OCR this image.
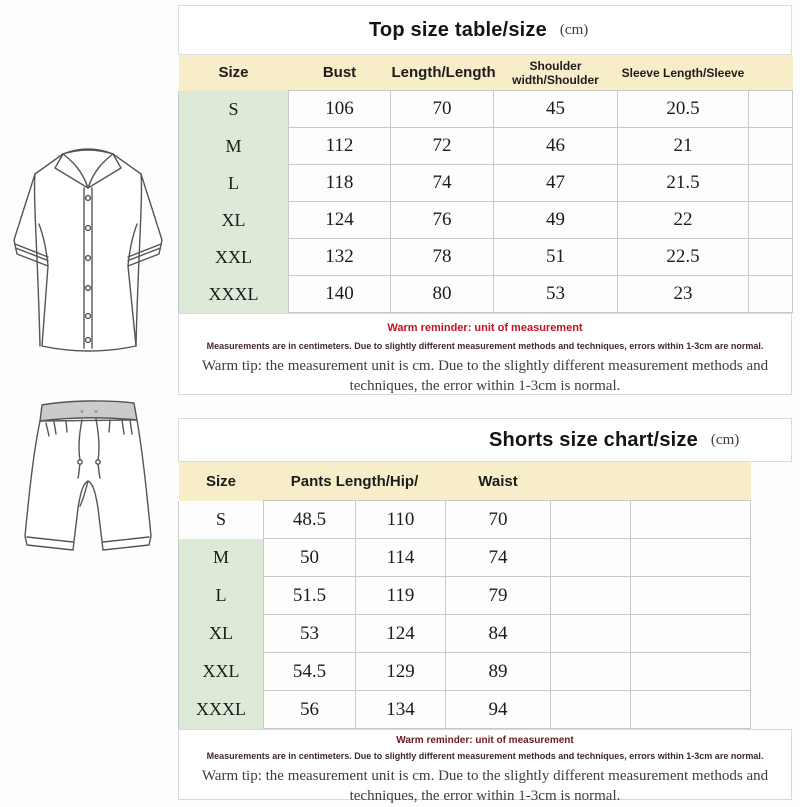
Top size table/size (cm)
Size	Bust	Length/Length	Shoulder width/Shoulder	Sleeve Length/Sleeve	
S	106	70	45	20.5	
M	112	72	46	21	
L	118	74	47	21.5	
XL	124	76	49	22	
XXL	132	78	51	22.5	
XXXL	140	80	53	23	
Warm reminder: unit of measurement
Measurements are in centimeters. Due to slightly different measurement methods and techniques, errors within 1-3cm are normal.
Warm tip: the measurement unit is cm. Due to the slightly different measurement methods and techniques, the error within 1-3cm is normal.
Shorts size chart/size (cm)
Size	Pants Length/Hip/		Waist		
S	48.5	110	70		
M	50	114	74		
L	51.5	119	79		
XL	53	124	84		
XXL	54.5	129	89		
XXXL	56	134	94		
Warm reminder: unit of measurement
Measurements are in centimeters. Due to slightly different measurement methods and techniques, errors within 1-3cm are normal.
Warm tip: the measurement unit is cm. Due to the slightly different measurement methods and techniques, the error within 1-3cm is normal.
